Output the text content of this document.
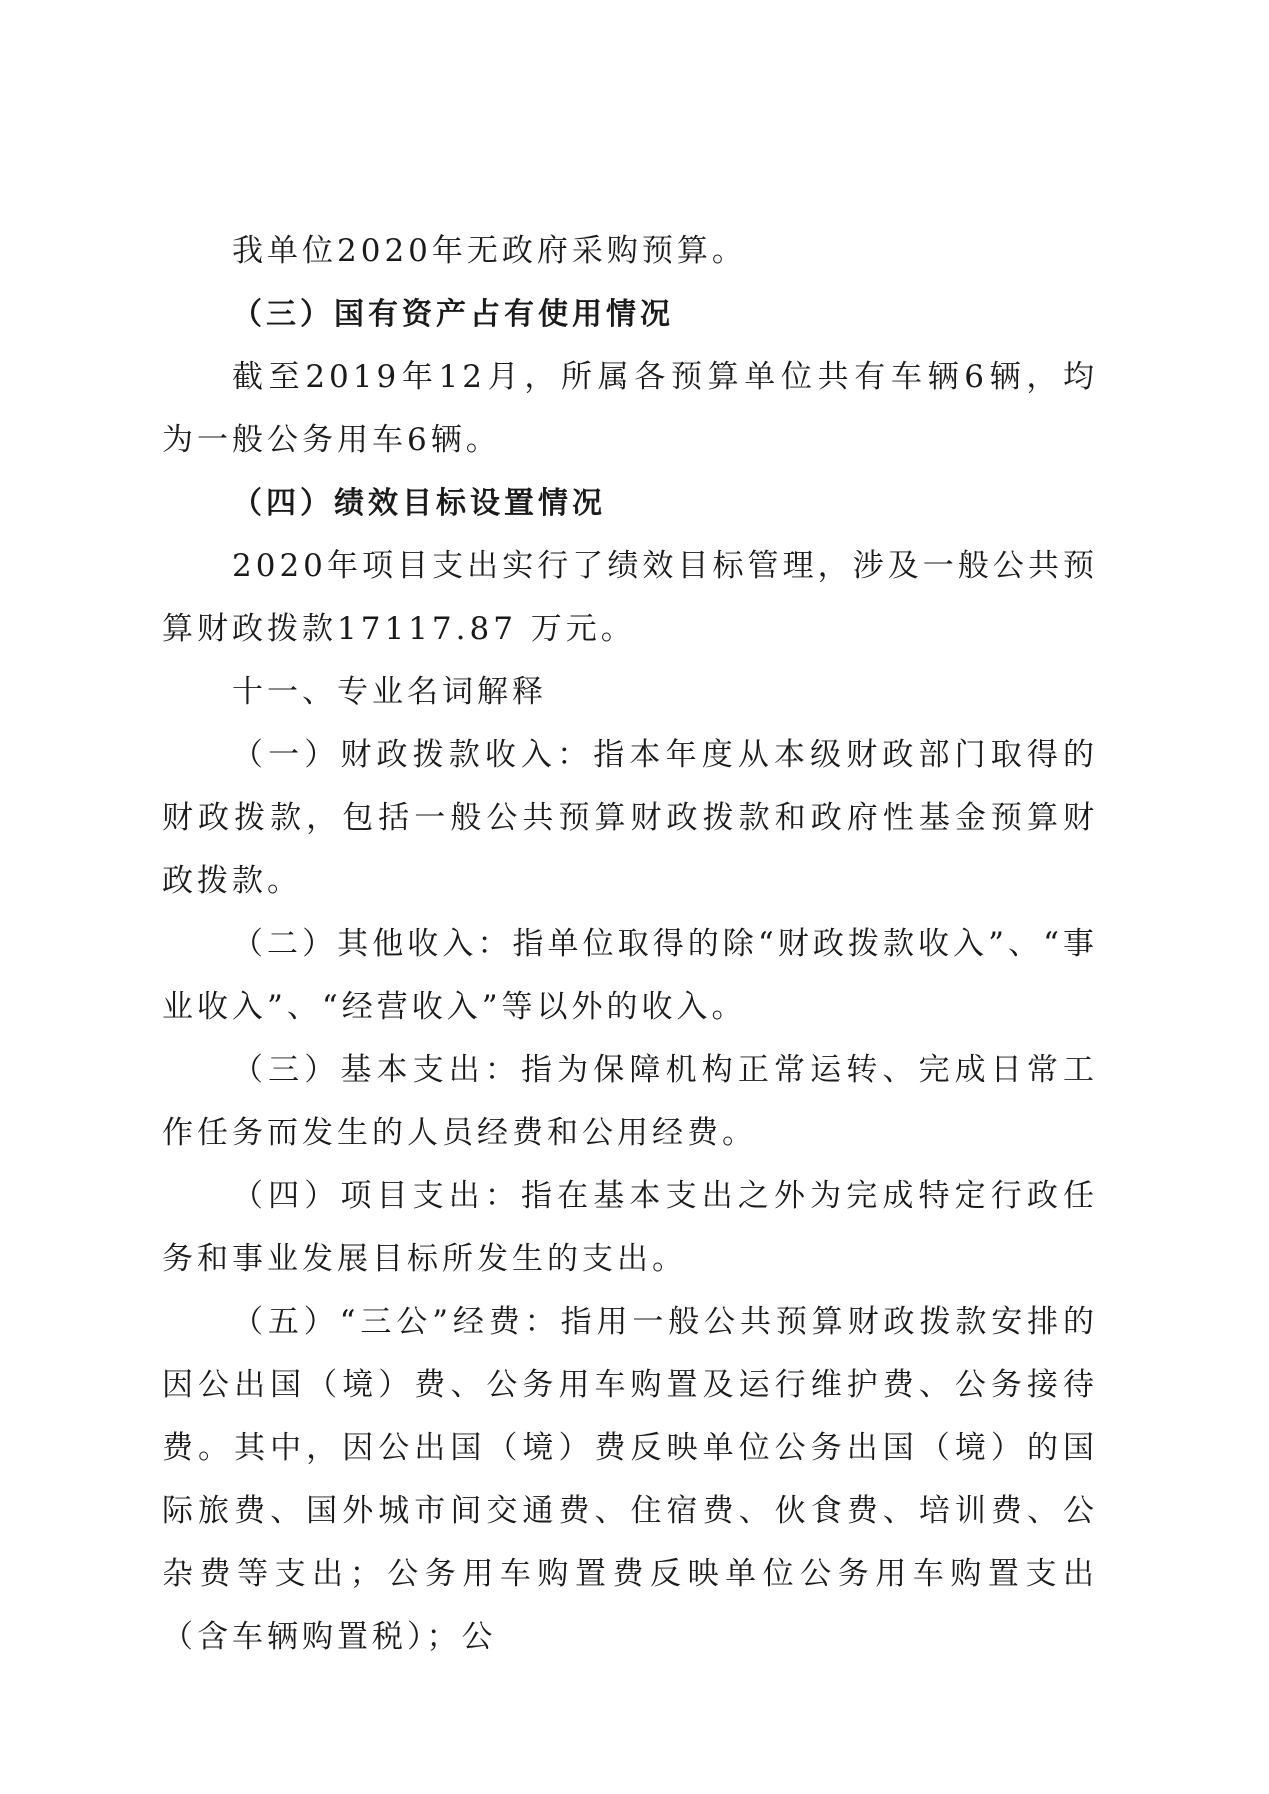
我单位2020年无政府采购预算。

（三）国有资产占有使用情况

截至2019年12月，所属各预算单位共有车辆6辆，均为一般公务用车6辆。

（四）绩效目标设置情况

2020年项目支出实行了绩效目标管理，涉及一般公共预算财政拨款17117.87 万元。

十一、专业名词解释

（一）财政拨款收入：指本年度从本级财政部门取得的财政拨款，包括一般公共预算财政拨款和政府性基金预算财政拨款。

（二）其他收入：指单位取得的除“财政拨款收入”、“事业收入”、“经营收入”等以外的收入。

（三）基本支出：指为保障机构正常运转、完成日常工作任务而发生的人员经费和公用经费。

（四）项目支出：指在基本支出之外为完成特定行政任务和事业发展目标所发生的支出。

（五）“三公”经费：指用一般公共预算财政拨款安排的因公出国（境）费、公务用车购置及运行维护费、公务接待费。其中，因公出国（境）费反映单位公务出国（境）的国际旅费、国外城市间交通费、住宿费、伙食费、培训费、公杂费等支出；公务用车购置费反映单位公务用车购置支出（含车辆购置税）；公
